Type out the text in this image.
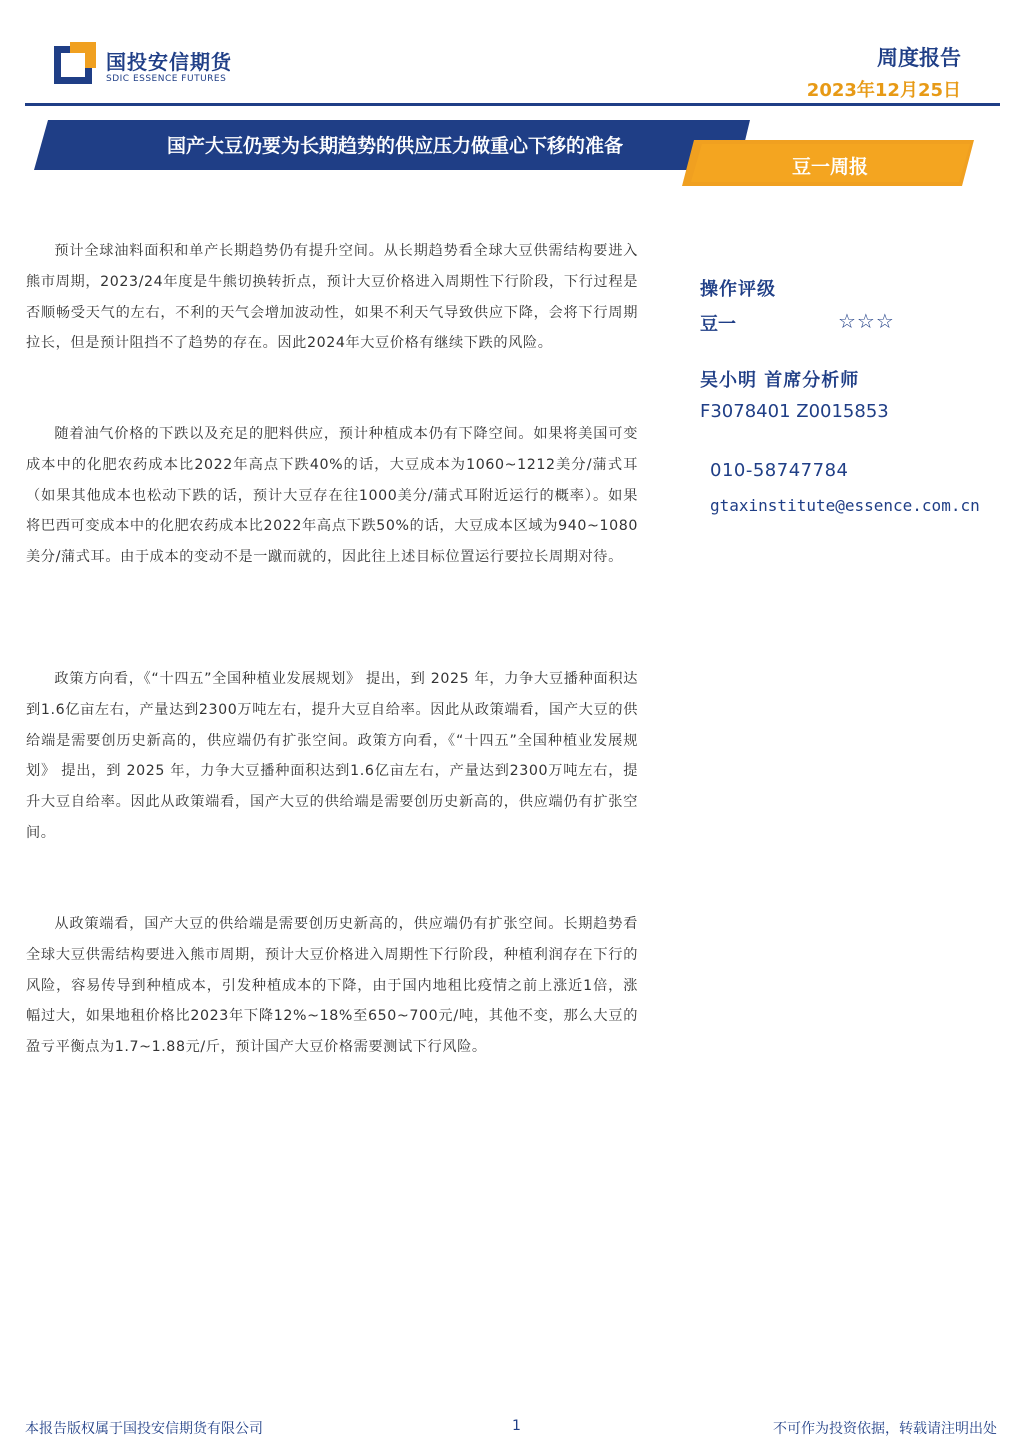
国投安信期货
SDIC ESSENCE FUTURES
周度报告
2023年12月25日
国产大豆仍要为长期趋势的供应压力做重心下移的准备
豆一周报

预计全球油料面积和单产长期趋势仍有提升空间。从长期趋势看全球大豆供需结构要进入熊市周期，2023/24年度是牛熊切换转折点，预计大豆价格进入周期性下行阶段，下行过程是否顺畅受天气的左右，不利的天气会增加波动性，如果不利天气导致供应下降，会将下行周期拉长，但是预计阻挡不了趋势的存在。因此2024年大豆价格有继续下跌的风险。

随着油气价格的下跌以及充足的肥料供应，预计种植成本仍有下降空间。如果将美国可变成本中的化肥农药成本比2022年高点下跌40%的话，大豆成本为1060~1212美分/蒲式耳（如果其他成本也松动下跌的话，预计大豆存在往1000美分/蒲式耳附近运行的概率）。如果将巴西可变成本中的化肥农药成本比2022年高点下跌50%的话，大豆成本区域为940~1080美分/蒲式耳。由于成本的变动不是一蹴而就的，因此往上述目标位置运行要拉长周期对待。

政策方向看，《“十四五”全国种植业发展规划》 提出，到 2025 年，力争大豆播种面积达到1.6亿亩左右，产量达到2300万吨左右，提升大豆自给率。因此从政策端看，国产大豆的供给端是需要创历史新高的，供应端仍有扩张空间。政策方向看，《“十四五”全国种植业发展规划》 提出，到 2025 年，力争大豆播种面积达到1.6亿亩左右，产量达到2300万吨左右，提升大豆自给率。因此从政策端看，国产大豆的供给端是需要创历史新高的，供应端仍有扩张空间。

从政策端看，国产大豆的供给端是需要创历史新高的，供应端仍有扩张空间。长期趋势看全球大豆供需结构要进入熊市周期，预计大豆价格进入周期性下行阶段，种植利润存在下行的风险，容易传导到种植成本，引发种植成本的下降，由于国内地租比疫情之前上涨近1倍，涨幅过大，如果地租价格比2023年下降12%~18%至650~700元/吨，其他不变，那么大豆的盈亏平衡点为1.7~1.88元/斤，预计国产大豆价格需要测试下行风险。

操作评级
豆一	☆☆☆
吴小明 首席分析师
F3078401 Z0015853
010-58747784
gtaxinstitute@essence.com.cn
本报告版权属于国投安信期货有限公司	1	不可作为投资依据，转载请注明出处
